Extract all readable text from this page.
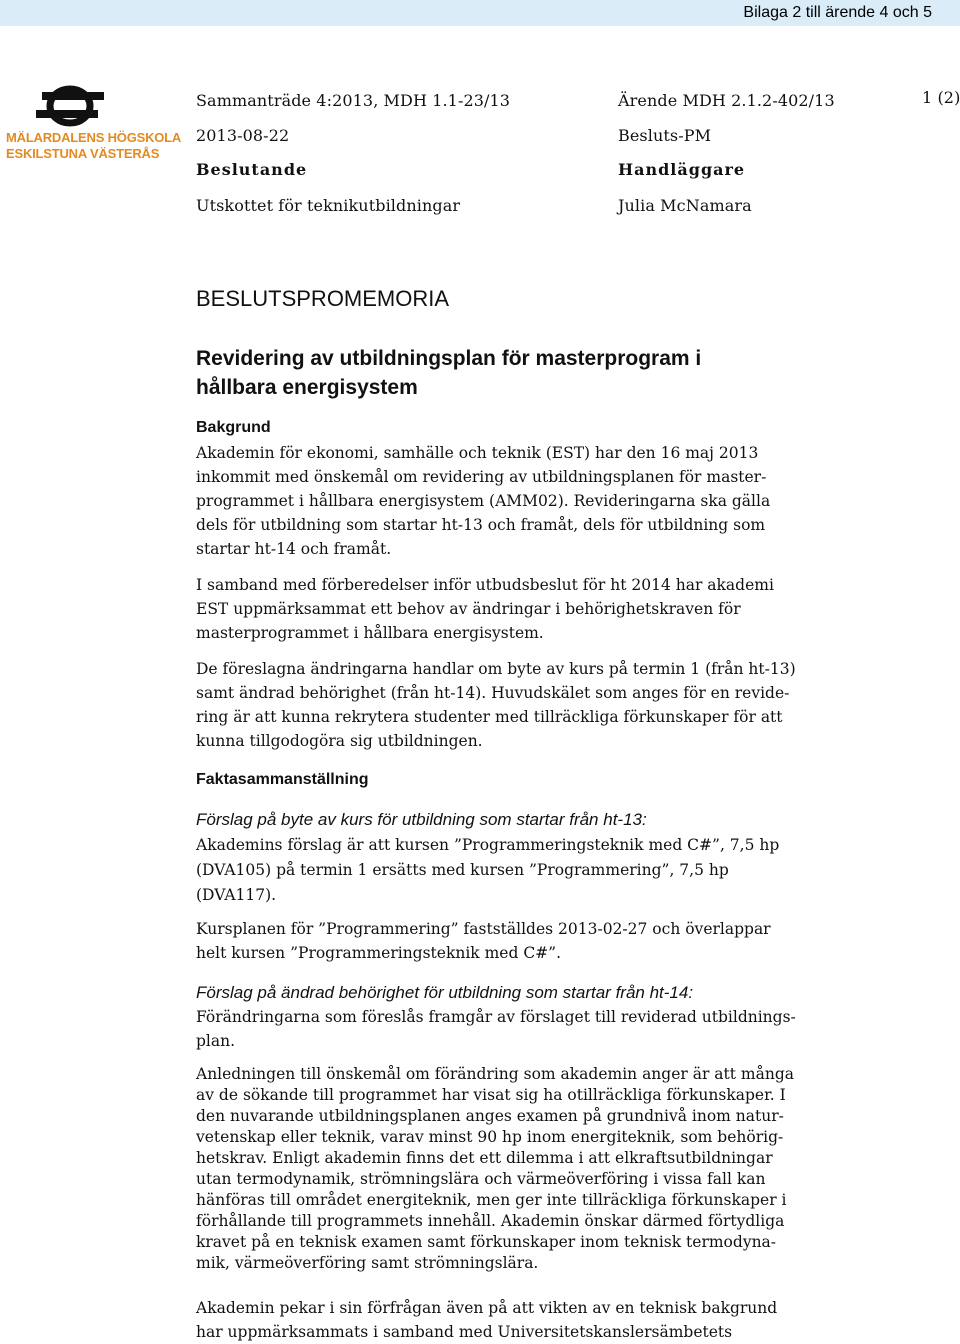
Bilaga 2 till ärende 4 och 5
MÄLARDALENS HÖGSKOLA
ESKILSTUNA VÄSTERÅS
Sammanträde 4:2013, MDH 1.1-23/13	Ärende MDH 2.1.2-402/13	1 (2)
2013-08-22	Besluts-PM
Beslutande	Handläggare
Utskottet för teknikutbildningar	Julia McNamara
BESLUTSPROMEMORIA
Revidering av utbildningsplan för masterprogram i
hållbara energisystem
Bakgrund
Akademin för ekonomi, samhälle och teknik (EST) har den 16 maj 2013
inkommit med önskemål om revidering av utbildningsplanen för master-
programmet i hållbara energisystem (AMM02). Revideringarna ska gälla
dels för utbildning som startar ht-13 och framåt, dels för utbildning som
startar ht-14 och framåt.
I samband med förberedelser inför utbudsbeslut för ht 2014 har akademi
EST uppmärksammat ett behov av ändringar i behörighetskraven för
masterprogrammet i hållbara energisystem.
De föreslagna ändringarna handlar om byte av kurs på termin 1 (från ht-13)
samt ändrad behörighet (från ht-14). Huvudskälet som anges för en revide-
ring är att kunna rekrytera studenter med tillräckliga förkunskaper för att
kunna tillgodogöra sig utbildningen.
Faktasammanställning
Förslag på byte av kurs för utbildning som startar från ht-13:
Akademins förslag är att kursen ”Programmeringsteknik med C#”, 7,5 hp
(DVA105) på termin 1 ersätts med kursen ”Programmering”, 7,5 hp
(DVA117).
Kursplanen för ”Programmering” fastställdes 2013-02-27 och överlappar
helt kursen ”Programmeringsteknik med C#”.
Förslag på ändrad behörighet för utbildning som startar från ht-14:
Förändringarna som föreslås framgår av förslaget till reviderad utbildnings-
plan.
Anledningen till önskemål om förändring som akademin anger är att många
av de sökande till programmet har visat sig ha otillräckliga förkunskaper. I
den nuvarande utbildningsplanen anges examen på grundnivå inom natur-
vetenskap eller teknik, varav minst 90 hp inom energiteknik, som behörig-
hetskrav. Enligt akademin finns det ett dilemma i att elkraftsutbildningar
utan termodynamik, strömningslära och värmeöverföring i vissa fall kan
hänföras till området energiteknik, men ger inte tillräckliga förkunskaper i
förhållande till programmets innehåll. Akademin önskar därmed förtydliga
kravet på en teknisk examen samt förkunskaper inom teknisk termodyna-
mik, värmeöverföring samt strömningslära.
Akademin pekar i sin förfrågan även på att vikten av en teknisk bakgrund
har uppmärksammats i samband med Universitetskanslersämbetets
